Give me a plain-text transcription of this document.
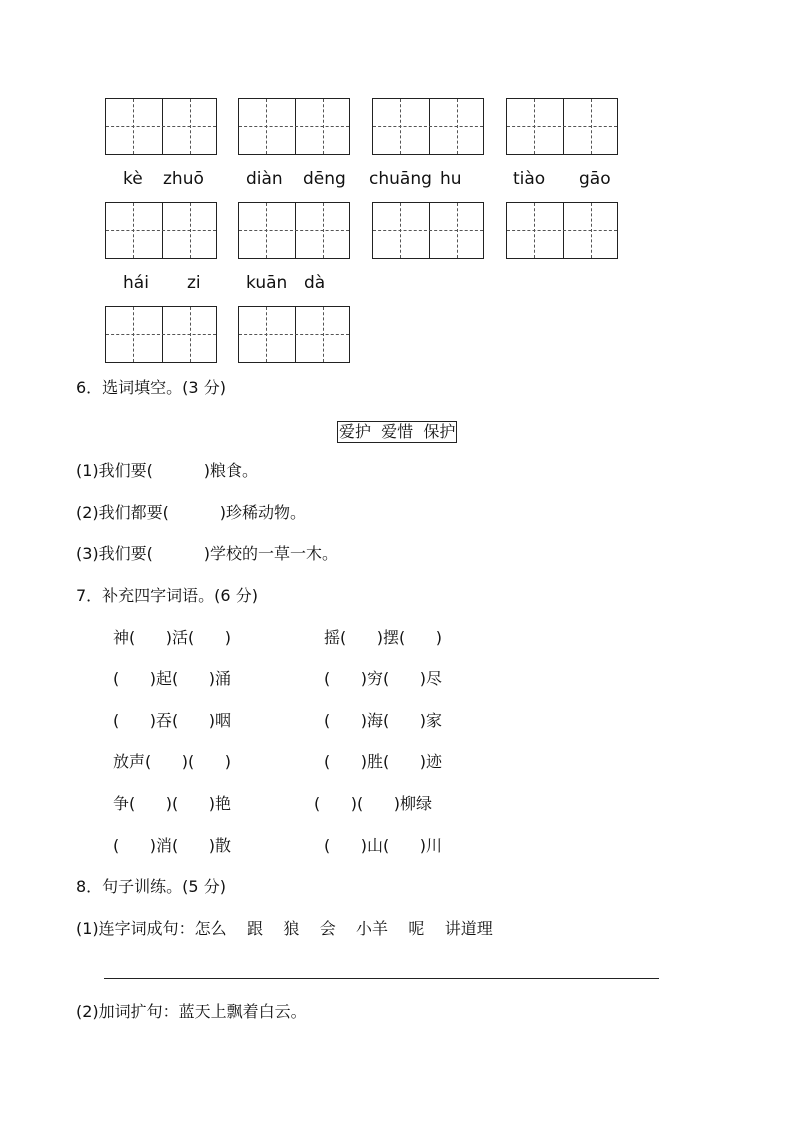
kè zhuō diàn dēng chuāng hu	tiào gāo
hái zi	kuān dà
6．选词填空。(3 分)
爱护  爱惜  保护
(1)我们要(          )粮食。
(2)我们都要(          )珍稀动物。
(3)我们要(          )学校的一草一木。
7．补充四字词语。(6 分)
神(      )活(      )
(      )起(      )涌
(      )吞(      )咽
放声(      )(      )
争(      )(      )艳
(      )消(      )散
摇(      )摆(      )
(      )穷(      )尽
(      )海(      )家
(      )胜(      )迹
(      )(      )柳绿
(      )山(      )川
8．句子训练。(5 分)
(1)连字词成句：怎么    跟    狼    会    小羊    呢    讲道理
(2)加词扩句：蓝天上飘着白云。
